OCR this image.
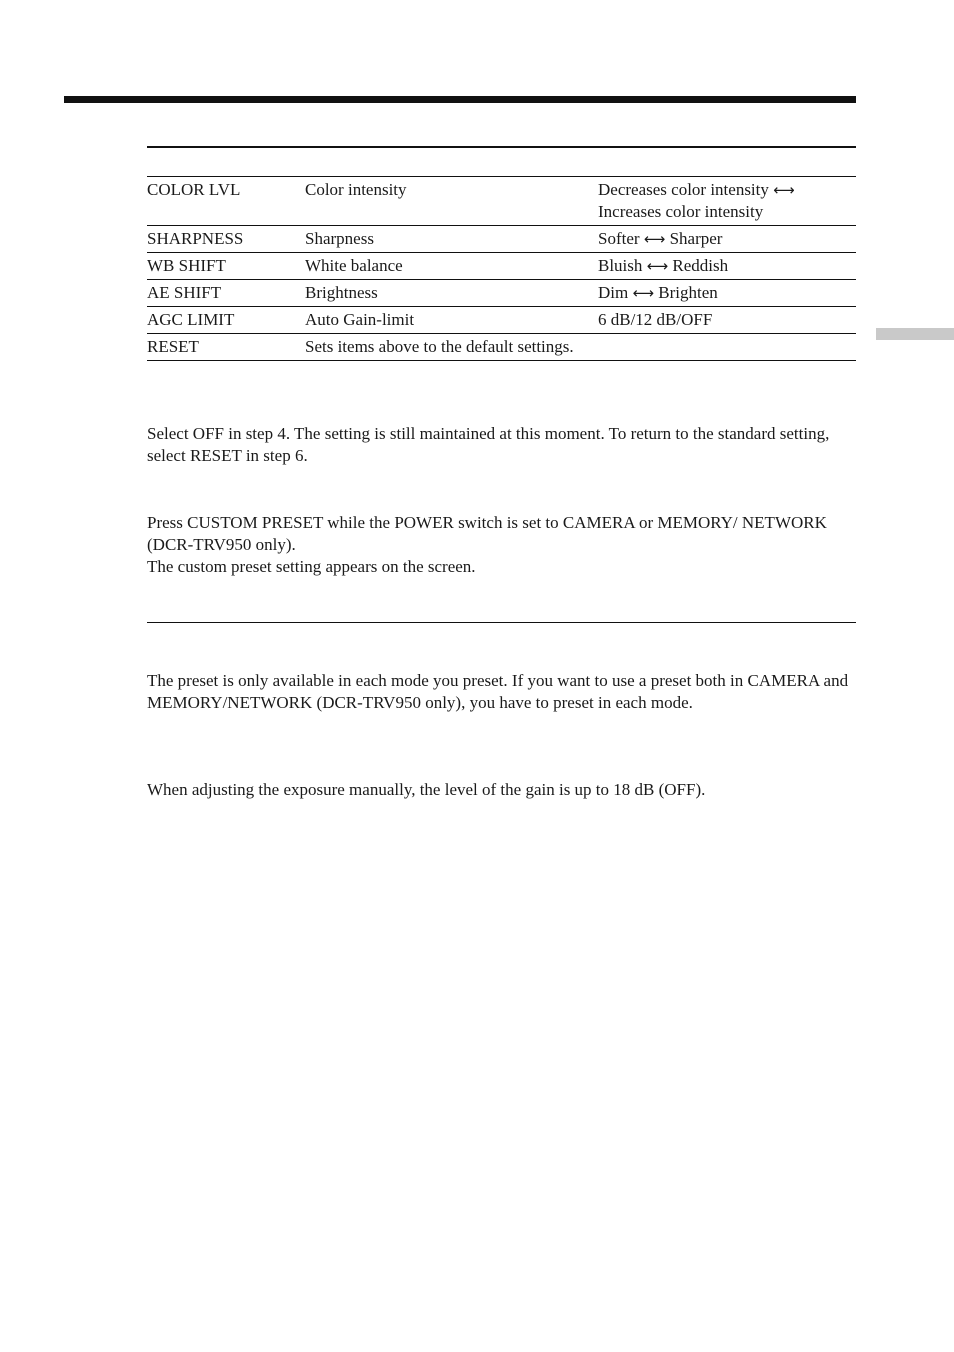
COLOR LVL	Color intensity	Decreases color intensity ⟷
Increases color intensity
SHARPNESS	Sharpness	Softer ⟷ Sharper
WB SHIFT	White balance	Bluish ⟷ Reddish
AE SHIFT	Brightness	Dim ⟷ Brighten
AGC LIMIT	Auto Gain-limit	6 dB/12 dB/OFF
RESET	Sets items above to the default settings.	

Select OFF in step 4. The setting is still maintained at this moment. To return to the standard setting, select RESET in step 6.

Press CUSTOM PRESET while the POWER switch is set to CAMERA or MEMORY/ NETWORK (DCR-TRV950 only).
The custom preset setting appears on the screen.

The preset is only available in each mode you preset. If you want to use a preset both in CAMERA and MEMORY/NETWORK (DCR-TRV950 only), you have to preset in each mode.

When adjusting the exposure manually, the level of the gain is up to 18 dB (OFF).
